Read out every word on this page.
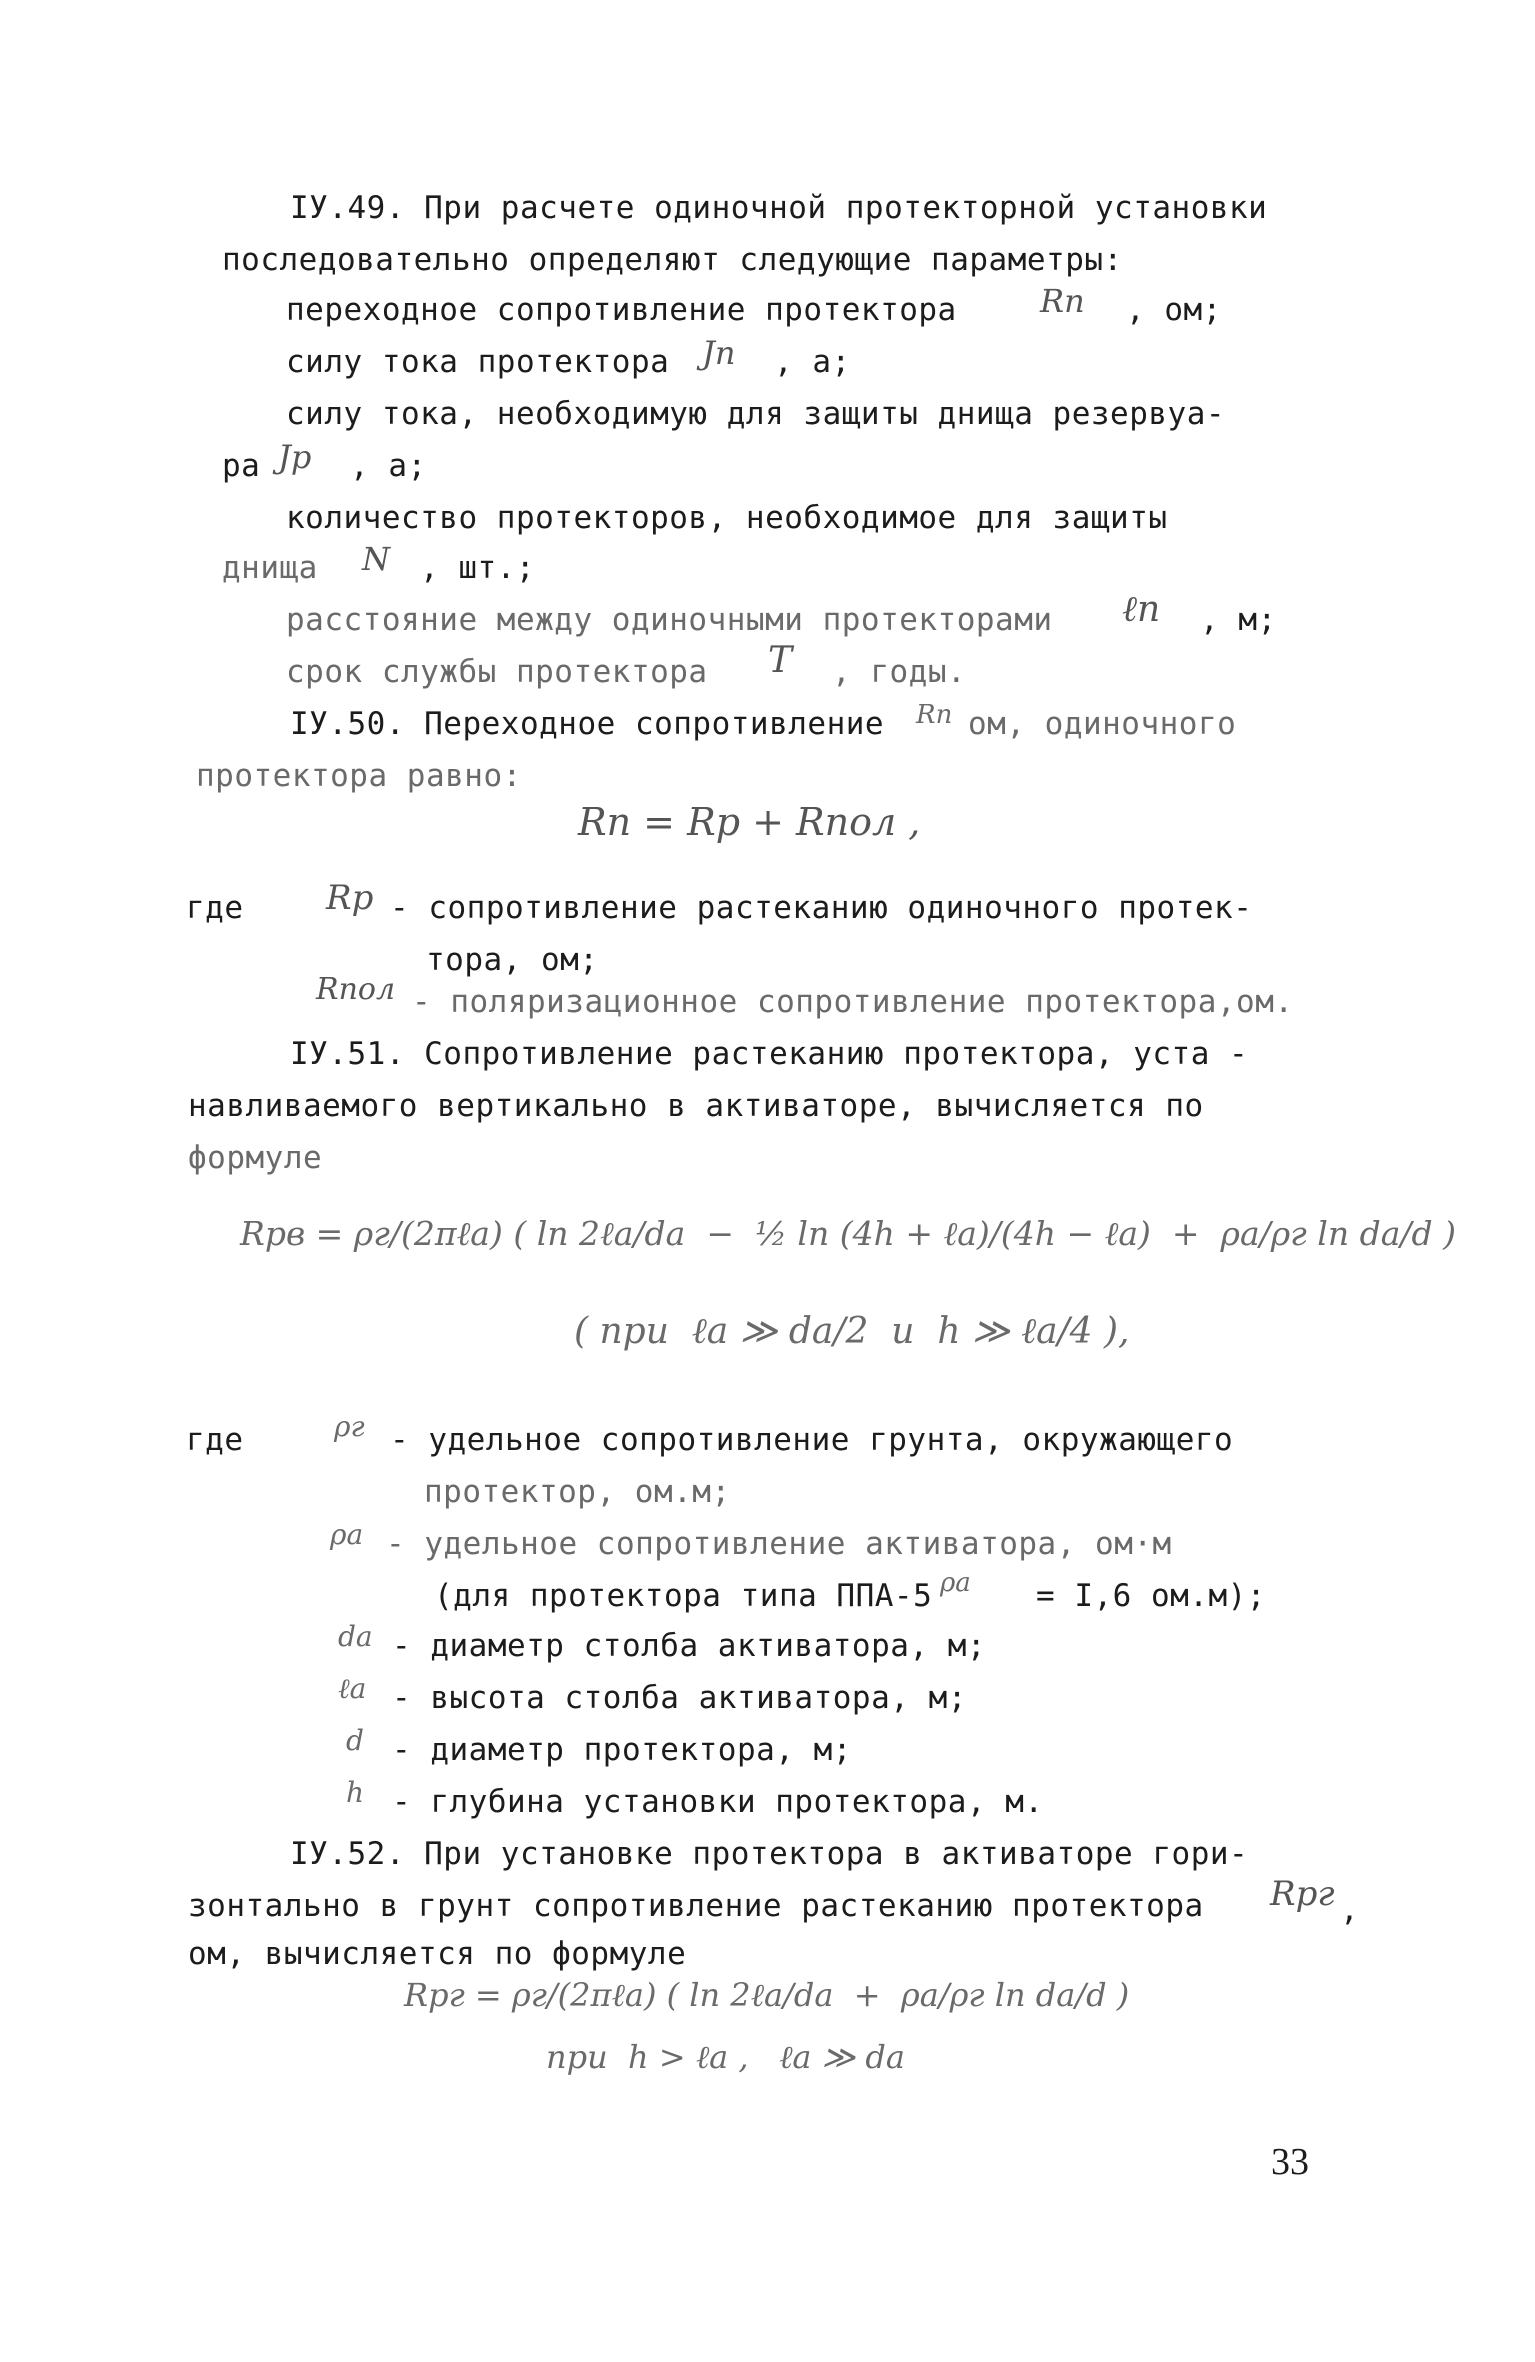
IУ.49. При расчете одиночной протекторной установки
последовательно определяют следующие параметры:
переходное сопротивление протектора	Rп , ом;
силу тока протектора Jп , а;
силу тока, необходимую для защиты днища резервуа-
ра Jр , а;
количество протекторов, необходимое для защиты
днища N , шт.;
расстояние между одиночными протекторами ℓп , м;
срок службы протектора T , годы.
IУ.50. Переходное сопротивление Rп ом, одиночного
протектора равно:
Rп = Rр + Rпол ,
где Rр - сопротивление растеканию одиночного протек-
тора, ом;
Rпол - поляризационное сопротивление протектора,ом.
IУ.51. Сопротивление растеканию протектора, уста -
навливаемого вертикально в активаторе, вычисляется по
формуле
Rрв = ρг/(2πℓа) ( ln 2ℓа/dа  −  ½ ln (4h + ℓа)/(4h − ℓа)  +  ρа/ρг ln dа/d )
( при  ℓа ≫ dа/2  и  h ≫ ℓа/4 ),
где	ρг - удельное сопротивление грунта, окружающего
протектор, ом.м;
ρа - удельное сопротивление активатора, ом·м
(для протектора типа ППА-5 ρа = I,6 ом.м);
dа - диаметр столба активатора, м;
ℓа - высота столба активатора, м;
d - диаметр протектора, м;
h - глубина установки протектора, м.
IУ.52. При установке протектора в активаторе гори-
зонтально в грунт сопротивление растеканию протектора Rрг ,
ом, вычисляется по формуле
Rрг = ρг/(2πℓа) ( ln 2ℓа/dа  +  ρа/ρг ln dа/d )
при  h > ℓа ,   ℓа ≫ dа
33
